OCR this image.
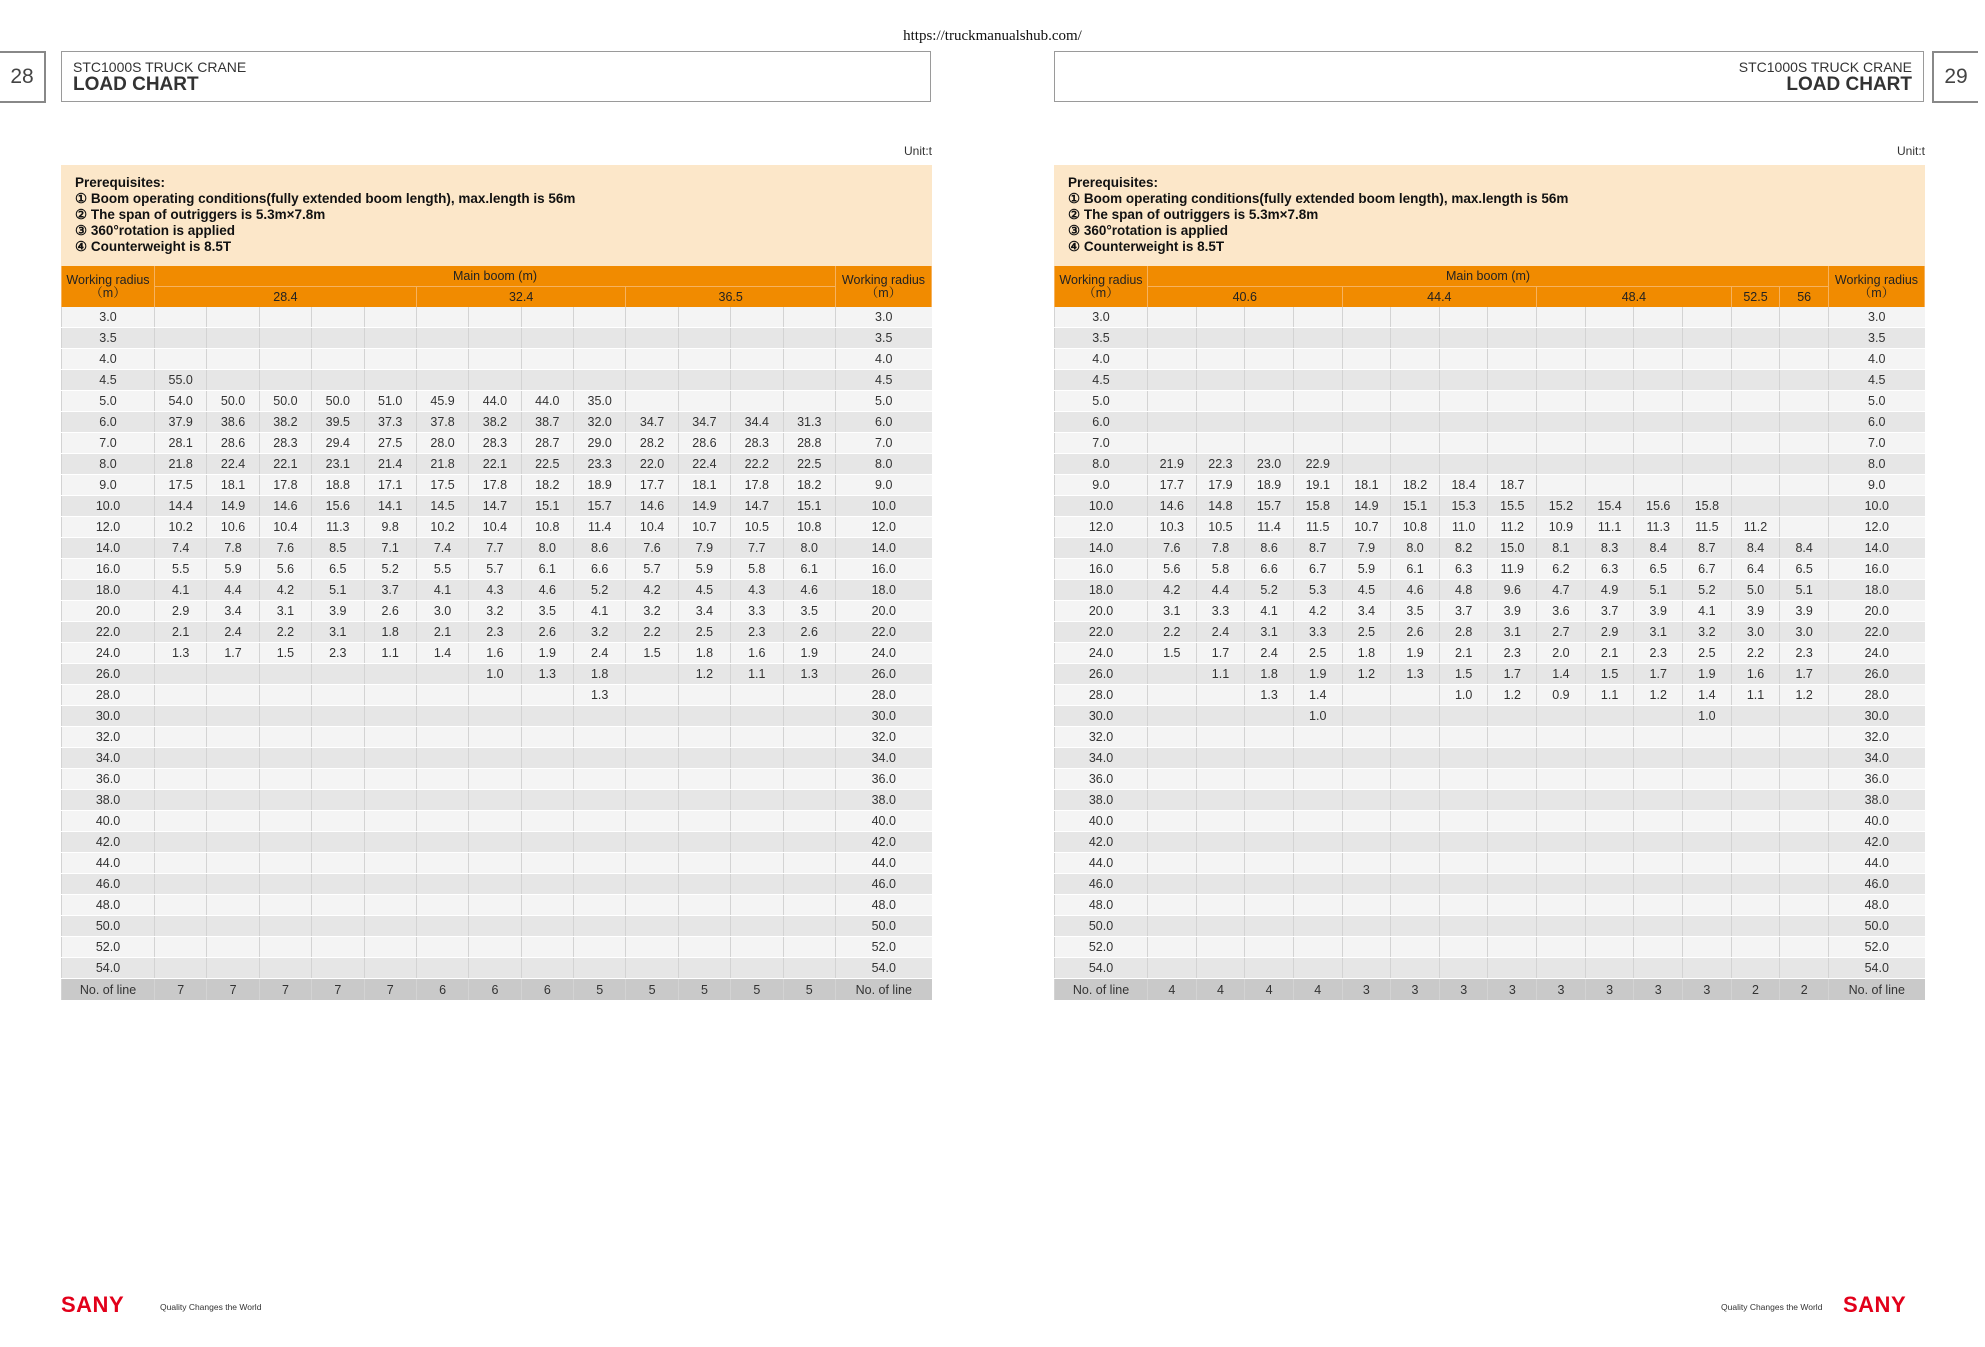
https://truckmanualshub.com/
28	STC1000S TRUCK CRANE
LOAD CHART
Unit:t
Prerequisites:
① Boom operating conditions(fully extended boom length), max.length is 56m
② The span of outriggers is 5.3m×7.8m
③ 360°rotation is applied
④ Counterweight is 8.5T
Working radius
（m）	Main boom (m)													Working radius
（m）
	28.4					32.4				36.5				
3.0														3.0
3.5														3.5
4.0														4.0
4.5	55.0													4.5
5.0	54.0	50.0	50.0	50.0	51.0	45.9	44.0	44.0	35.0					5.0
6.0	37.9	38.6	38.2	39.5	37.3	37.8	38.2	38.7	32.0	34.7	34.7	34.4	31.3	6.0
7.0	28.1	28.6	28.3	29.4	27.5	28.0	28.3	28.7	29.0	28.2	28.6	28.3	28.8	7.0
8.0	21.8	22.4	22.1	23.1	21.4	21.8	22.1	22.5	23.3	22.0	22.4	22.2	22.5	8.0
9.0	17.5	18.1	17.8	18.8	17.1	17.5	17.8	18.2	18.9	17.7	18.1	17.8	18.2	9.0
10.0	14.4	14.9	14.6	15.6	14.1	14.5	14.7	15.1	15.7	14.6	14.9	14.7	15.1	10.0
12.0	10.2	10.6	10.4	11.3	9.8	10.2	10.4	10.8	11.4	10.4	10.7	10.5	10.8	12.0
14.0	7.4	7.8	7.6	8.5	7.1	7.4	7.7	8.0	8.6	7.6	7.9	7.7	8.0	14.0
16.0	5.5	5.9	5.6	6.5	5.2	5.5	5.7	6.1	6.6	5.7	5.9	5.8	6.1	16.0
18.0	4.1	4.4	4.2	5.1	3.7	4.1	4.3	4.6	5.2	4.2	4.5	4.3	4.6	18.0
20.0	2.9	3.4	3.1	3.9	2.6	3.0	3.2	3.5	4.1	3.2	3.4	3.3	3.5	20.0
22.0	2.1	2.4	2.2	3.1	1.8	2.1	2.3	2.6	3.2	2.2	2.5	2.3	2.6	22.0
24.0	1.3	1.7	1.5	2.3	1.1	1.4	1.6	1.9	2.4	1.5	1.8	1.6	1.9	24.0
26.0							1.0	1.3	1.8		1.2	1.1	1.3	26.0
28.0									1.3					28.0
30.0														30.0
32.0														32.0
34.0														34.0
36.0														36.0
38.0														38.0
40.0														40.0
42.0														42.0
44.0														44.0
46.0														46.0
48.0														48.0
50.0														50.0
52.0														52.0
54.0														54.0
No. of line	7	7	7	7	7	6	6	6	5	5	5	5	5	No. of line
SANY	Quality Changes the World
29
STC1000S TRUCK CRANE
LOAD CHART
Unit:t
Prerequisites:
① Boom operating conditions(fully extended boom length), max.length is 56m
② The span of outriggers is 5.3m×7.8m
③ 360°rotation is applied
④ Counterweight is 8.5T
Working radius
（m）	Main boom (m)														Working radius
（m）
	40.6				44.4				48.4				52.5	56	
3.0															3.0
3.5															3.5
4.0															4.0
4.5															4.5
5.0															5.0
6.0															6.0
7.0															7.0
8.0	21.9	22.3	23.0	22.9											8.0
9.0	17.7	17.9	18.9	19.1	18.1	18.2	18.4	18.7							9.0
10.0	14.6	14.8	15.7	15.8	14.9	15.1	15.3	15.5	15.2	15.4	15.6	15.8			10.0
12.0	10.3	10.5	11.4	11.5	10.7	10.8	11.0	11.2	10.9	11.1	11.3	11.5	11.2		12.0
14.0	7.6	7.8	8.6	8.7	7.9	8.0	8.2	15.0	8.1	8.3	8.4	8.7	8.4	8.4	14.0
16.0	5.6	5.8	6.6	6.7	5.9	6.1	6.3	11.9	6.2	6.3	6.5	6.7	6.4	6.5	16.0
18.0	4.2	4.4	5.2	5.3	4.5	4.6	4.8	9.6	4.7	4.9	5.1	5.2	5.0	5.1	18.0
20.0	3.1	3.3	4.1	4.2	3.4	3.5	3.7	3.9	3.6	3.7	3.9	4.1	3.9	3.9	20.0
22.0	2.2	2.4	3.1	3.3	2.5	2.6	2.8	3.1	2.7	2.9	3.1	3.2	3.0	3.0	22.0
24.0	1.5	1.7	2.4	2.5	1.8	1.9	2.1	2.3	2.0	2.1	2.3	2.5	2.2	2.3	24.0
26.0		1.1	1.8	1.9	1.2	1.3	1.5	1.7	1.4	1.5	1.7	1.9	1.6	1.7	26.0
28.0			1.3	1.4			1.0	1.2	0.9	1.1	1.2	1.4	1.1	1.2	28.0
30.0				1.0								1.0			30.0
32.0															32.0
34.0															34.0
36.0															36.0
38.0															38.0
40.0															40.0
42.0															42.0
44.0															44.0
46.0															46.0
48.0															48.0
50.0															50.0
52.0															52.0
54.0															54.0
No. of line	4	4	4	4	3	3	3	3	3	3	3	3	2	2	No. of line
SANY
Quality Changes the World
